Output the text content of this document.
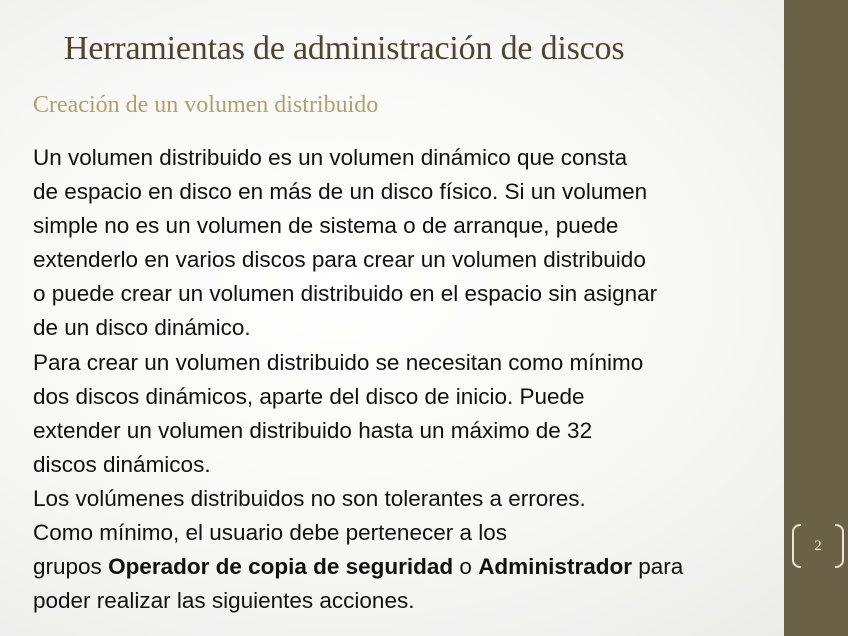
2
Herramientas de administración de discos
Creación de un volumen distribuido

Un volumen distribuido es un volumen dinámico que consta
de espacio en disco en más de un disco físico. Si un volumen
simple no es un volumen de sistema o de arranque, puede
extenderlo en varios discos para crear un volumen distribuido
o puede crear un volumen distribuido en el espacio sin asignar
de un disco dinámico.

Para crear un volumen distribuido se necesitan como mínimo
dos discos dinámicos, aparte del disco de inicio. Puede
extender un volumen distribuido hasta un máximo de 32
discos dinámicos.

Los volúmenes distribuidos no son tolerantes a errores.

Como mínimo, el usuario debe pertenecer a los
grupos Operador de copia de seguridad o Administrador para
poder realizar las siguientes acciones.
